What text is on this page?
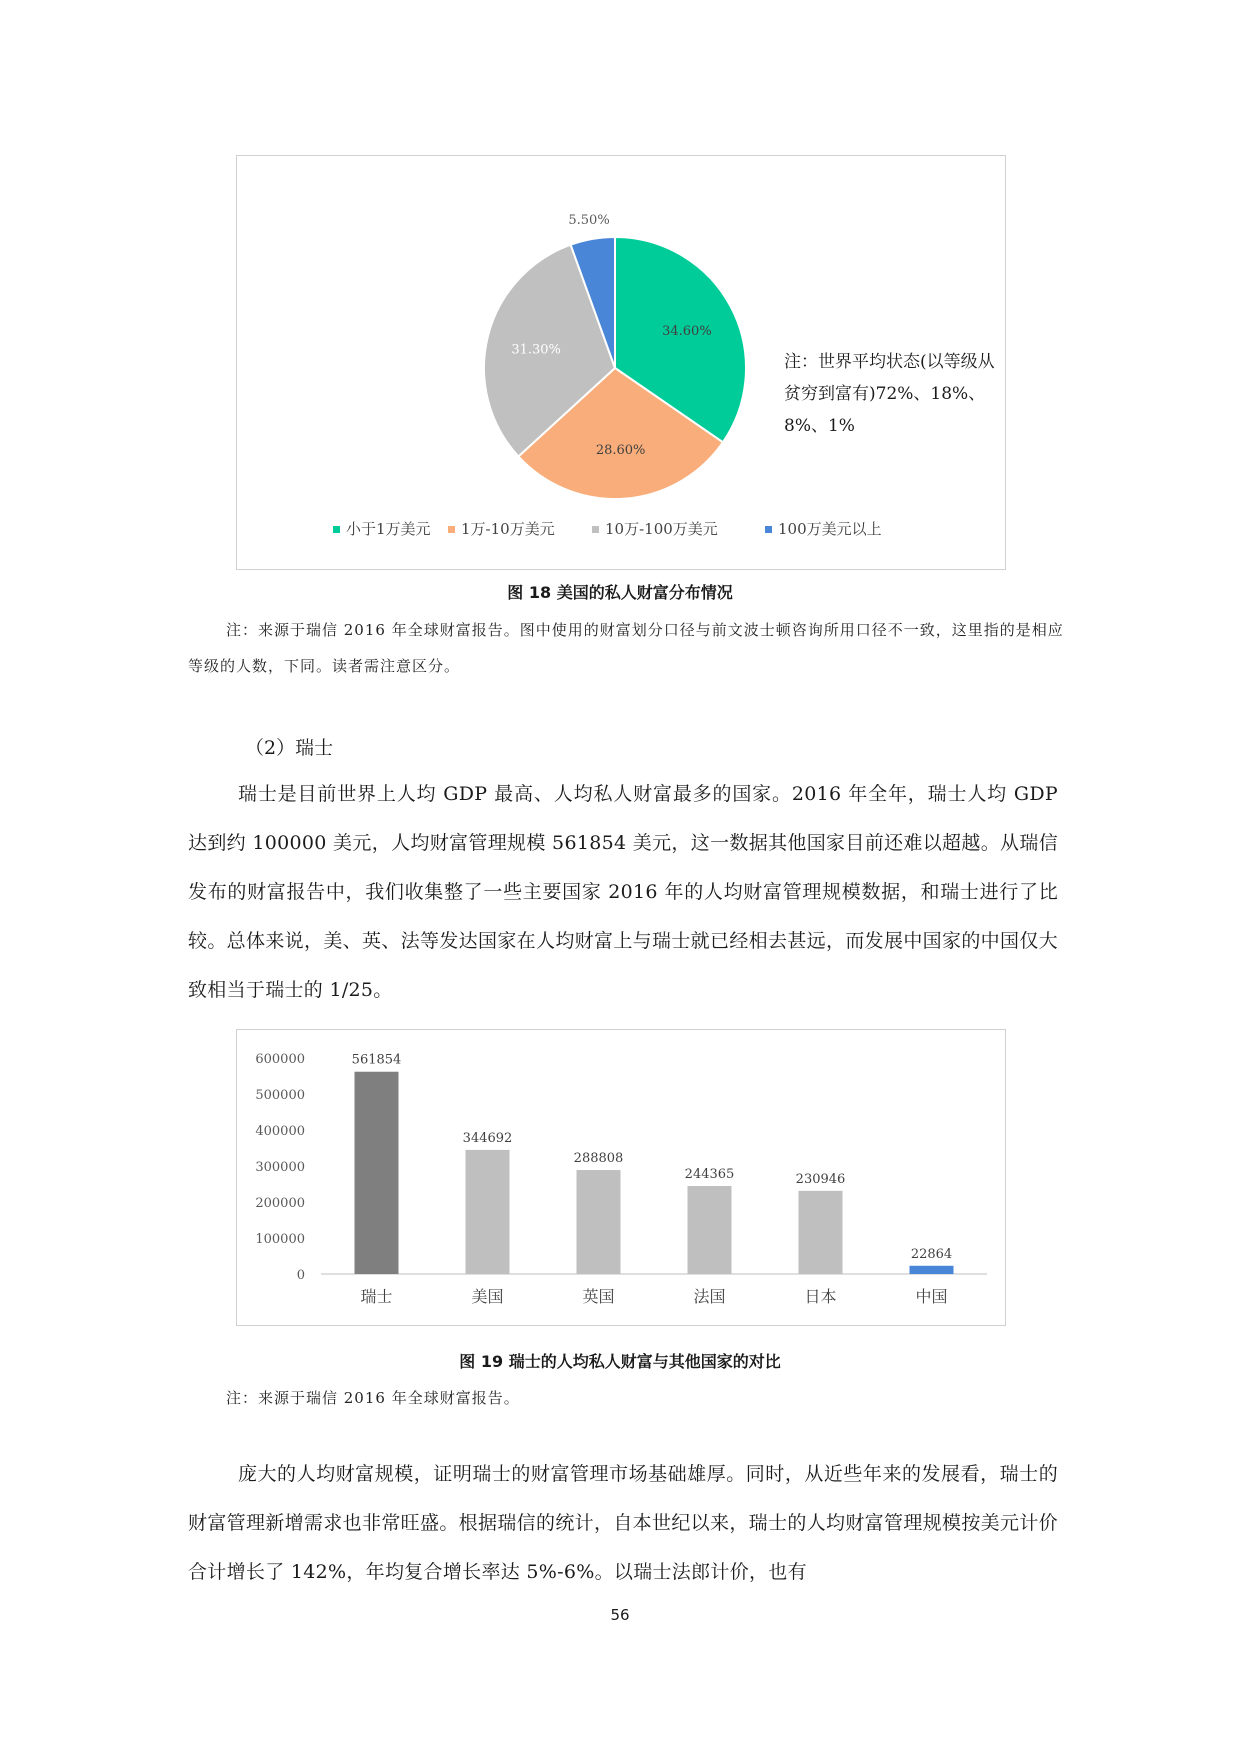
34.60%
28.60%
31.30%
5.50%
小于1万美元 1万-10万美元	10万-100万美元	100万美元以上
注：世界平均状态(以等级从贫穷到富有)72%、18%、8%、1%
图 18 美国的私人财富分布情况
注：来源于瑞信 2016 年全球财富报告。图中使用的财富划分口径与前文波士顿咨询所用口径不一致，这里指的是相应等级的人数，下同。读者需注意区分。
（2）瑞士
瑞士是目前世界上人均 GDP 最高、人均私人财富最多的国家。2016 年全年，瑞士人均 GDP 达到约 100000 美元，人均财富管理规模 561854 美元，这一数据其他国家目前还难以超越。从瑞信发布的财富报告中，我们收集整了一些主要国家 2016 年的人均财富管理规模数据，和瑞士进行了比较。总体来说，美、英、法等发达国家在人均财富上与瑞士就已经相去甚远，而发展中国家的中国仅大致相当于瑞士的 1/25。
0
100000
200000
300000
400000
500000
600000	561854
瑞士
344692
美国
288808
英国
244365
法国
230946
日本
22864
中国
图 19 瑞士的人均私人财富与其他国家的对比
注：来源于瑞信 2016 年全球财富报告。
庞大的人均财富规模，证明瑞士的财富管理市场基础雄厚。同时，从近些年来的发展看，瑞士的财富管理新增需求也非常旺盛。根据瑞信的统计，自本世纪以来，瑞士的人均财富管理规模按美元计价合计增长了 142%，年均复合增长率达 5%-6%。以瑞士法郎计价，也有
56
